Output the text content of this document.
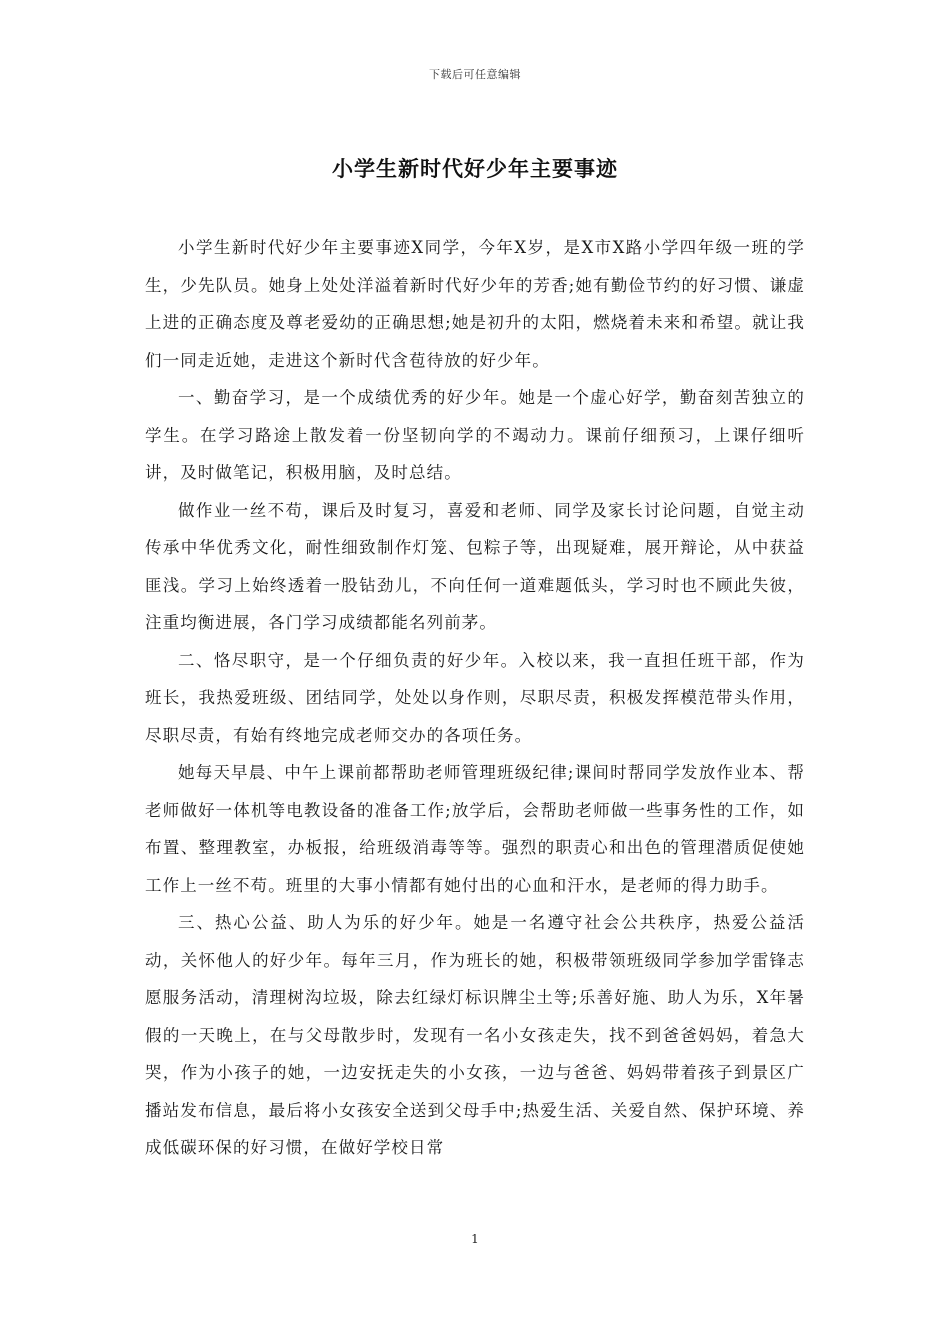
下载后可任意编辑
小学生新时代好少年主要事迹

小学生新时代好少年主要事迹X同学，今年X岁，是X市X路小学四年级一班的学生，少先队员。她身上处处洋溢着新时代好少年的芳香;她有勤俭节约的好习惯、谦虚上进的正确态度及尊老爱幼的正确思想;她是初升的太阳，燃烧着未来和希望。就让我们一同走近她，走进这个新时代含苞待放的好少年。

一、勤奋学习，是一个成绩优秀的好少年。她是一个虚心好学，勤奋刻苦独立的学生。在学习路途上散发着一份坚韧向学的不竭动力。课前仔细预习，上课仔细听讲，及时做笔记，积极用脑，及时总结。

做作业一丝不苟，课后及时复习，喜爱和老师、同学及家长讨论问题，自觉主动传承中华优秀文化，耐性细致制作灯笼、包粽子等，出现疑难，展开辩论，从中获益匪浅。学习上始终透着一股钻劲儿，不向任何一道难题低头，学习时也不顾此失彼，注重均衡进展，各门学习成绩都能名列前茅。

二、恪尽职守，是一个仔细负责的好少年。入校以来，我一直担任班干部，作为班长，我热爱班级、团结同学，处处以身作则，尽职尽责，积极发挥模范带头作用，尽职尽责，有始有终地完成老师交办的各项任务。

她每天早晨、中午上课前都帮助老师管理班级纪律;课间时帮同学发放作业本、帮老师做好一体机等电教设备的准备工作;放学后，会帮助老师做一些事务性的工作，如布置、整理教室，办板报，给班级消毒等等。强烈的职责心和出色的管理潜质促使她工作上一丝不苟。班里的大事小情都有她付出的心血和汗水，是老师的得力助手。

三、热心公益、助人为乐的好少年。她是一名遵守社会公共秩序，热爱公益活动，关怀他人的好少年。每年三月，作为班长的她，积极带领班级同学参加学雷锋志愿服务活动，清理树沟垃圾，除去红绿灯标识牌尘土等;乐善好施、助人为乐，X年暑假的一天晚上，在与父母散步时，发现有一名小女孩走失，找不到爸爸妈妈，着急大哭，作为小孩子的她，一边安抚走失的小女孩，一边与爸爸、妈妈带着孩子到景区广播站发布信息，最后将小女孩安全送到父母手中;热爱生活、关爱自然、保护环境、养成低碳环保的好习惯，在做好学校日常

1
